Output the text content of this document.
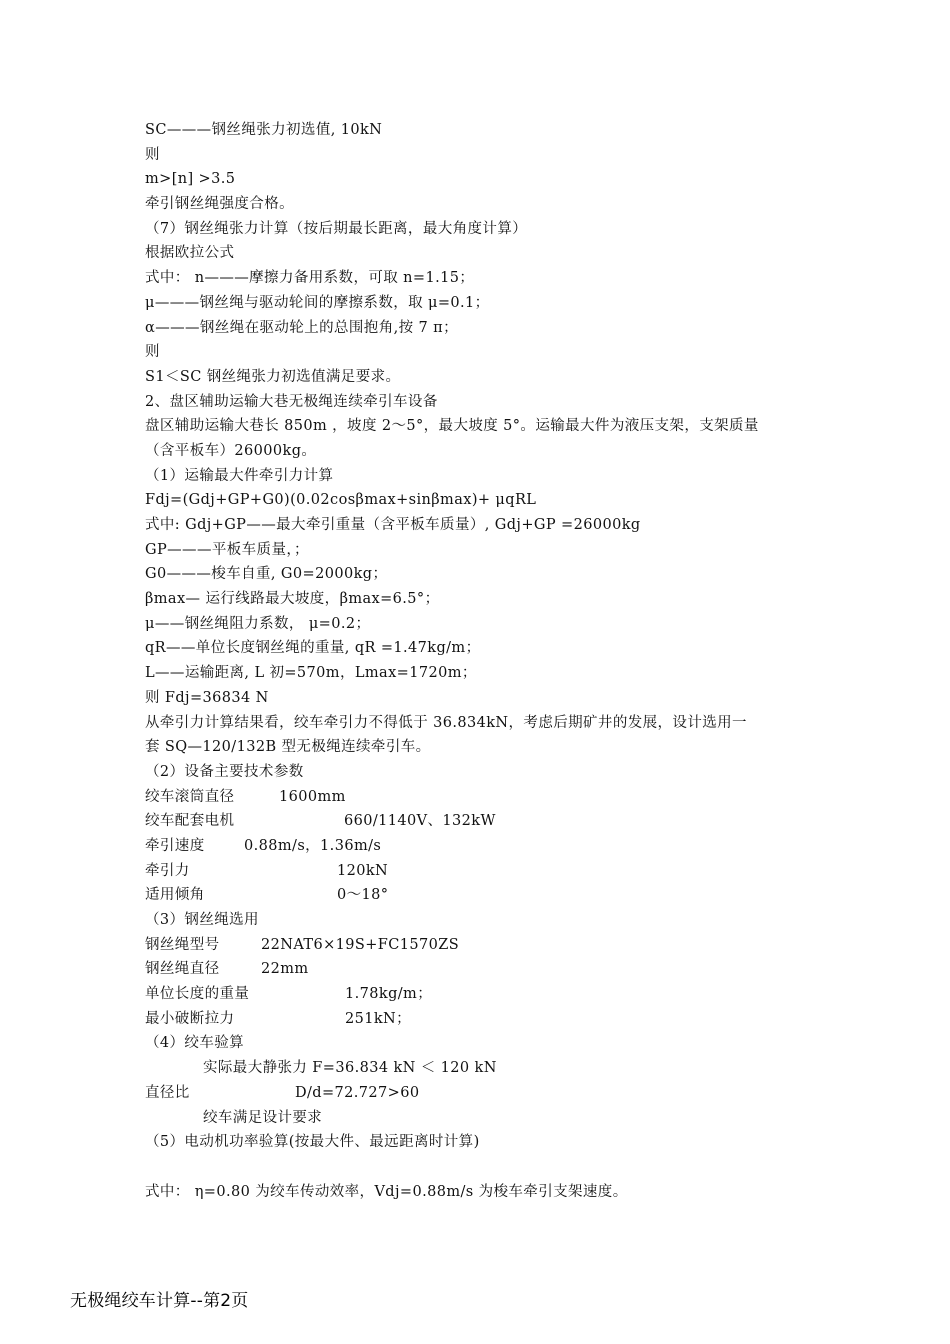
SC———钢丝绳张力初选值, 10kN
则
m>[n] >3.5
牵引钢丝绳强度合格。
（7）钢丝绳张力计算（按后期最长距离，最大角度计算）
根据欧拉公式
式中： n———摩擦力备用系数，可取 n=1.15；
μ———钢丝绳与驱动轮间的摩擦系数，取 μ=0.1；
α———钢丝绳在驱动轮上的总围抱角,按 7 π；
则
S1＜SC 钢丝绳张力初选值满足要求。
2、盘区辅助运输大巷无极绳连续牵引车设备
盘区辅助运输大巷长 850m ，坡度 2～5°，最大坡度 5°。运输最大件为液压支架，支架质量
（含平板车）26000kg。
（1）运输最大件牵引力计算
Fdj=(Gdj+GP+G0)(0.02cosβmax+sinβmax)+ μqRL
式中: Gdj+GP——最大牵引重量（含平板车质量）, Gdj+GP =26000kg
GP———平板车质量，；
G0———梭车自重, G0=2000kg；
βmax— 运行线路最大坡度，βmax=6.5°；
μ——钢丝绳阻力系数， μ=0.2；
qR——单位长度钢丝绳的重量, qR =1.47kg/m；
L——运输距离, L 初=570m，Lmax=1720m；
则 Fdj=36834 N
从牵引力计算结果看，绞车牵引力不得低于 36.834kN，考虑后期矿井的发展，设计选用一
套 SQ—120/132B 型无极绳连续牵引车。
（2）设备主要技术参数
绞车滚筒直径	1600mm
绞车配套电机	660/1140V、132kW
牵引速度	0.88m/s，1.36m/s
牵引力	120kN
适用倾角	0～18°
（3）钢丝绳选用
钢丝绳型号	22NAT6×19S+FC1570ZS
钢丝绳直径	22mm
单位长度的重量	1.78kg/m；
最小破断拉力	251kN；
（4）绞车验算
实际最大静张力 F=36.834 kN ＜ 120 kN
直径比	D/d=72.727>60
绞车满足设计要求
（5）电动机功率验算(按最大件、最远距离时计算)
式中： η=0.80 为绞车传动效率，Vdj=0.88m/s 为梭车牵引支架速度。
无极绳绞车计算--第2页
